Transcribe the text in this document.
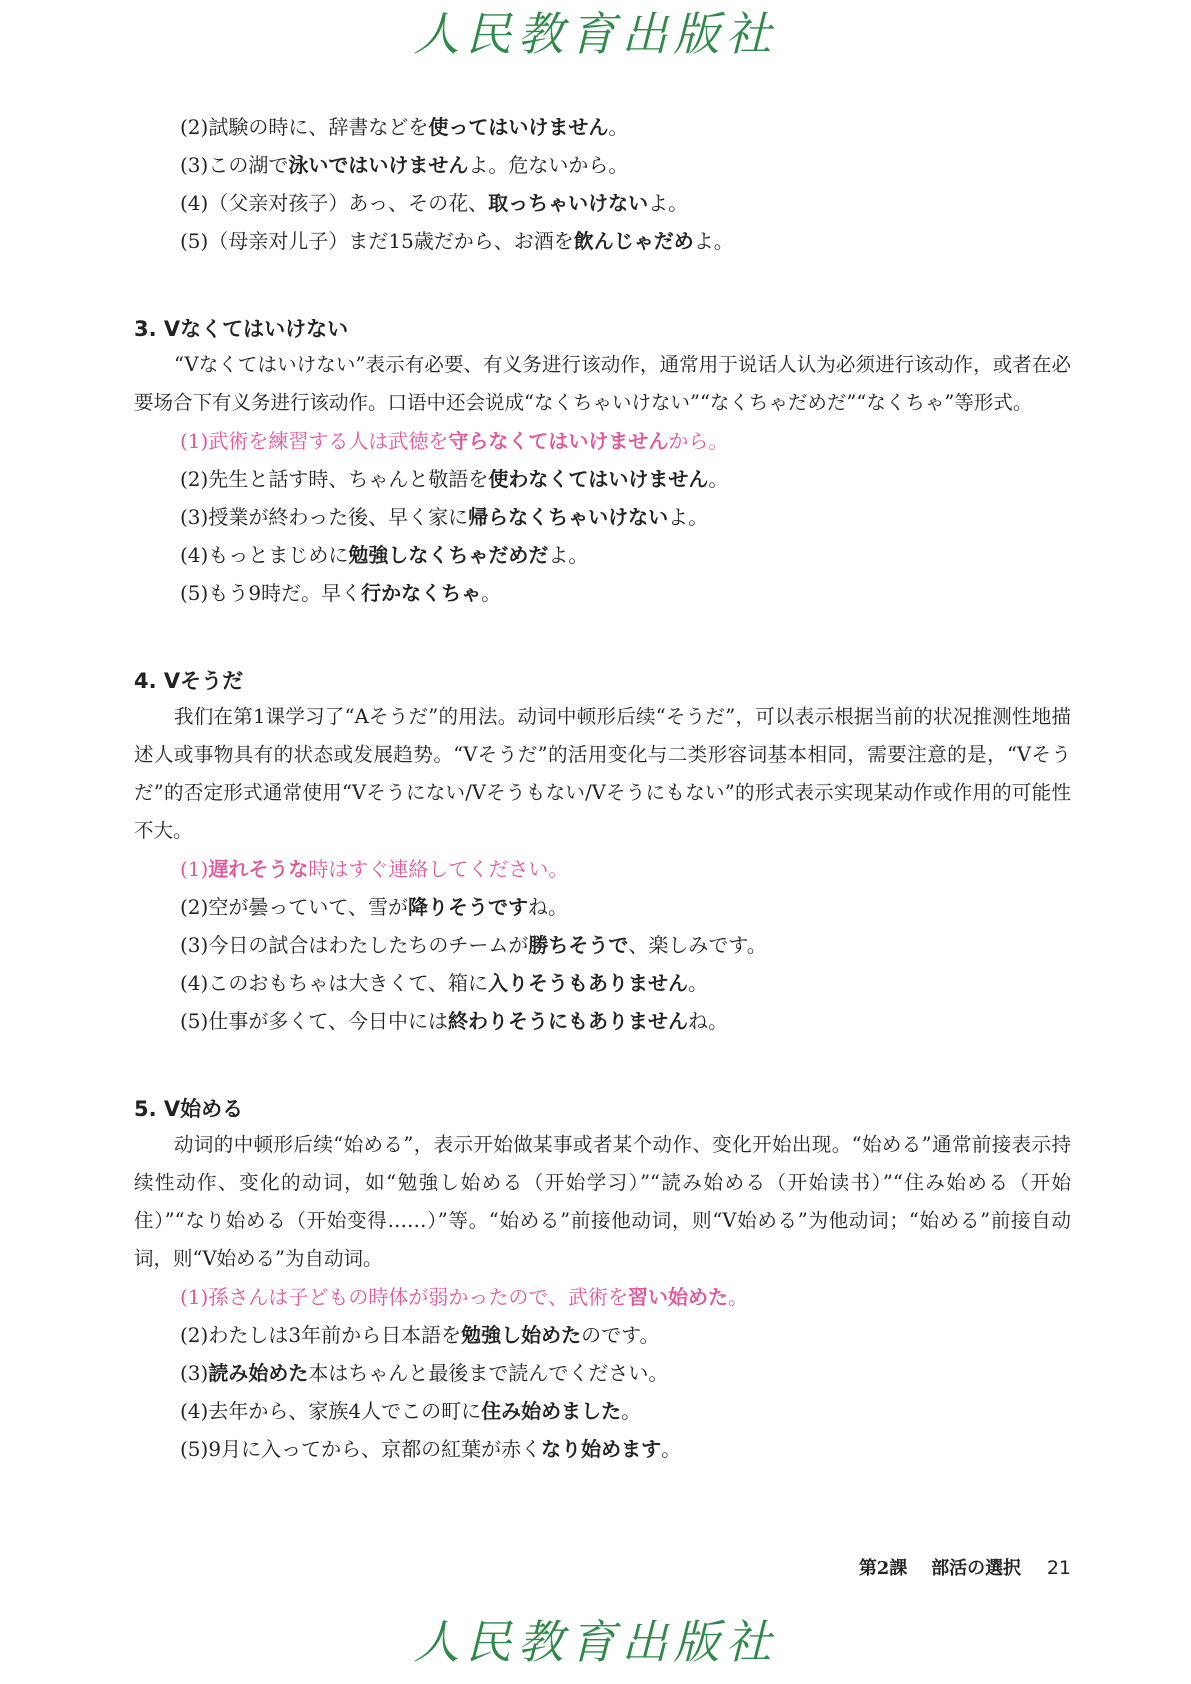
人民教育出版社

(2)試験の時に、辞書などを使ってはいけません。

(3)この湖で泳いではいけませんよ。危ないから。

(4)（父亲对孩子）あっ、その花、取っちゃいけないよ。

(5)（母亲对儿子）まだ15歳だから、お酒を飲んじゃだめよ。

3. Vなくてはいけない

“Vなくてはいけない”表示有必要、有义务进行该动作，通常用于说话人认为必须进行该动作，或者在必要场合下有义务进行该动作。口语中还会说成“なくちゃいけない”“なくちゃだめだ”“なくちゃ”等形式。

(1)武術を練習する人は武徳を守らなくてはいけませんから。

(2)先生と話す時、ちゃんと敬語を使わなくてはいけません。

(3)授業が終わった後、早く家に帰らなくちゃいけないよ。

(4)もっとまじめに勉強しなくちゃだめだよ。

(5)もう9時だ。早く行かなくちゃ。

4. Vそうだ

我们在第1课学习了“Aそうだ”的用法。动词中顿形后续“そうだ”，可以表示根据当前的状况推测性地描述人或事物具有的状态或发展趋势。“Vそうだ”的活用变化与二类形容词基本相同，需要注意的是，“Vそうだ”的否定形式通常使用“Vそうにない/Vそうもない/Vそうにもない”的形式表示实现某动作或作用的可能性不大。

(1)遅れそうな時はすぐ連絡してください。

(2)空が曇っていて、雪が降りそうですね。

(3)今日の試合はわたしたちのチームが勝ちそうで、楽しみです。

(4)このおもちゃは大きくて、箱に入りそうもありません。

(5)仕事が多くて、今日中には終わりそうにもありませんね。

5. V始める

动词的中顿形后续“始める”，表示开始做某事或者某个动作、变化开始出现。“始める”通常前接表示持续性动作、变化的动词，如“勉強し始める（开始学习）”“読み始める（开始读书）”“住み始める（开始住）”“なり始める（开始变得……）”等。“始める”前接他动词，则“V始める”为他动词；“始める”前接自动词，则“V始める”为自动词。

(1)孫さんは子どもの時体が弱かったので、武術を習い始めた。

(2)わたしは3年前から日本語を勉強し始めたのです。

(3)読み始めた本はちゃんと最後まで読んでください。

(4)去年から、家族4人でこの町に住み始めました。

(5)9月に入ってから、京都の紅葉が赤くなり始めます。

第2課 部活の選択 21
人民教育出版社
